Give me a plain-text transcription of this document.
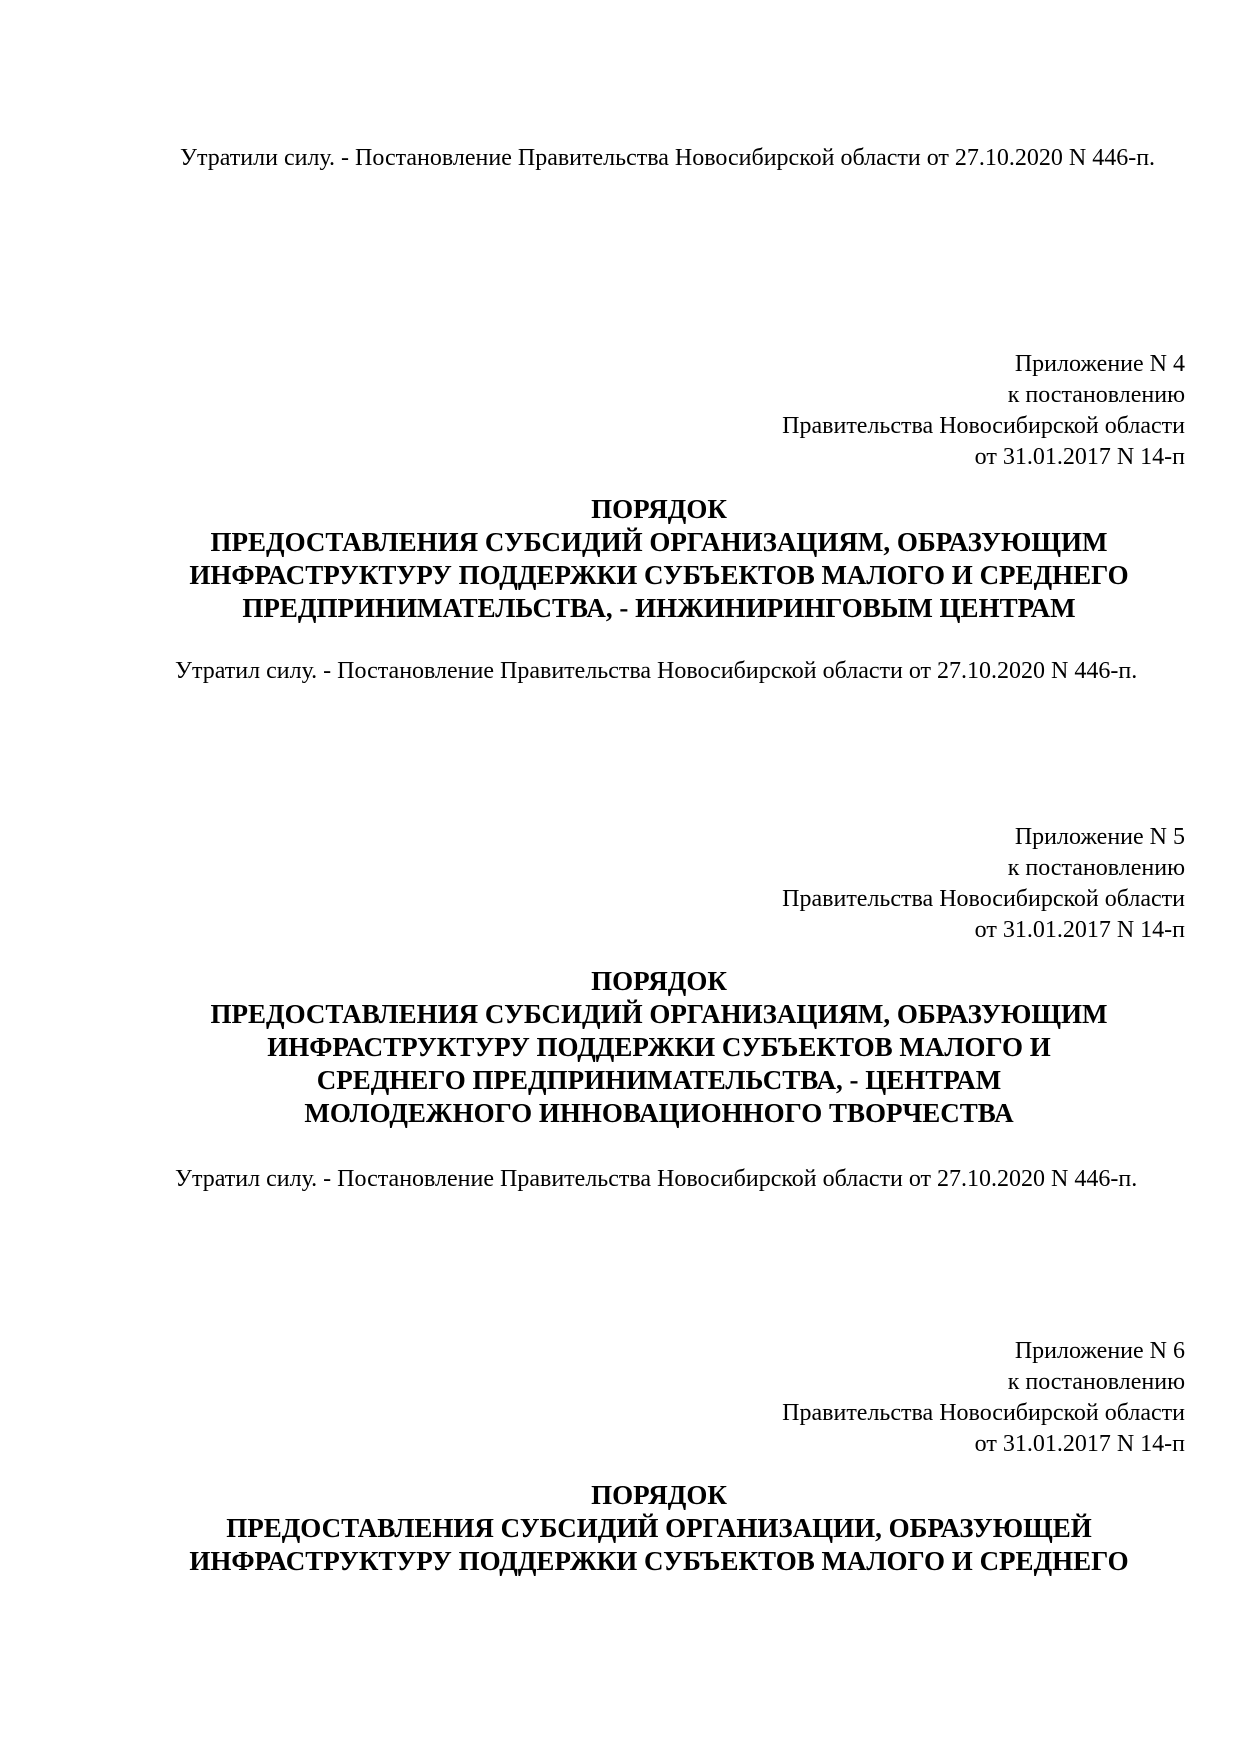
Утратили силу. - Постановление Правительства Новосибирской области от 27.10.2020 N 446-п.
Приложение N 4
к постановлению
Правительства Новосибирской области
от 31.01.2017 N 14-п
ПОРЯДОК
ПРЕДОСТАВЛЕНИЯ СУБСИДИЙ ОРГАНИЗАЦИЯМ, ОБРАЗУЮЩИМ
ИНФРАСТРУКТУРУ ПОДДЕРЖКИ СУБЪЕКТОВ МАЛОГО И СРЕДНЕГО
ПРЕДПРИНИМАТЕЛЬСТВА, - ИНЖИНИРИНГОВЫМ ЦЕНТРАМ
Утратил силу. - Постановление Правительства Новосибирской области от 27.10.2020 N 446-п.
Приложение N 5
к постановлению
Правительства Новосибирской области
от 31.01.2017 N 14-п
ПОРЯДОК
ПРЕДОСТАВЛЕНИЯ СУБСИДИЙ ОРГАНИЗАЦИЯМ, ОБРАЗУЮЩИМ
ИНФРАСТРУКТУРУ ПОДДЕРЖКИ СУБЪЕКТОВ МАЛОГО И
СРЕДНЕГО ПРЕДПРИНИМАТЕЛЬСТВА, - ЦЕНТРАМ
МОЛОДЕЖНОГО ИННОВАЦИОННОГО ТВОРЧЕСТВА
Утратил силу. - Постановление Правительства Новосибирской области от 27.10.2020 N 446-п.
Приложение N 6
к постановлению
Правительства Новосибирской области
от 31.01.2017 N 14-п
ПОРЯДОК
ПРЕДОСТАВЛЕНИЯ СУБСИДИЙ ОРГАНИЗАЦИИ, ОБРАЗУЮЩЕЙ
ИНФРАСТРУКТУРУ ПОДДЕРЖКИ СУБЪЕКТОВ МАЛОГО И СРЕДНЕГО
